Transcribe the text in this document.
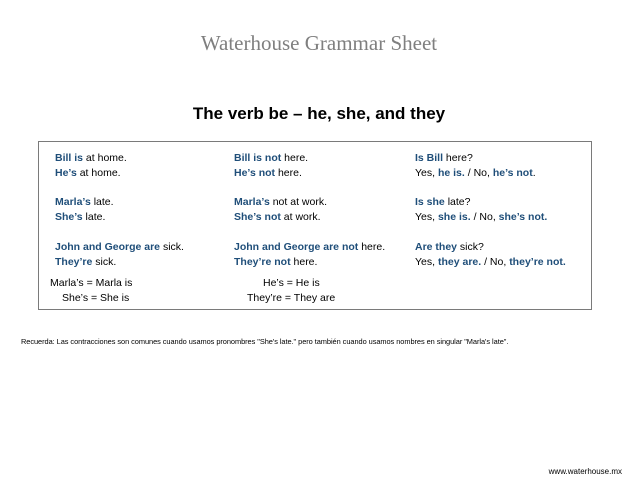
Waterhouse Grammar Sheet
The verb be – he, she, and they
Bill is at home.
He’s at home.
Marla’s late.
She’s late.
John and George are sick.
They’re sick.
Bill is not here.
He’s not here.
Marla’s not at work.
She’s not at work.
John and George are not here.
They’re not here.
Is Bill here?
Yes, he is. / No, he’s not.
Is she late?
Yes, she is. / No, she’s not.
Are they sick?
Yes, they are. / No, they’re not.
Marla’s = Marla is
She’s = She is
He’s = He is
They’re = They are
Recuerda: Las contracciones son comunes cuando usamos pronombres "She's late." pero también cuando usamos nombres en singular "Marla's late".
www.waterhouse.mx
